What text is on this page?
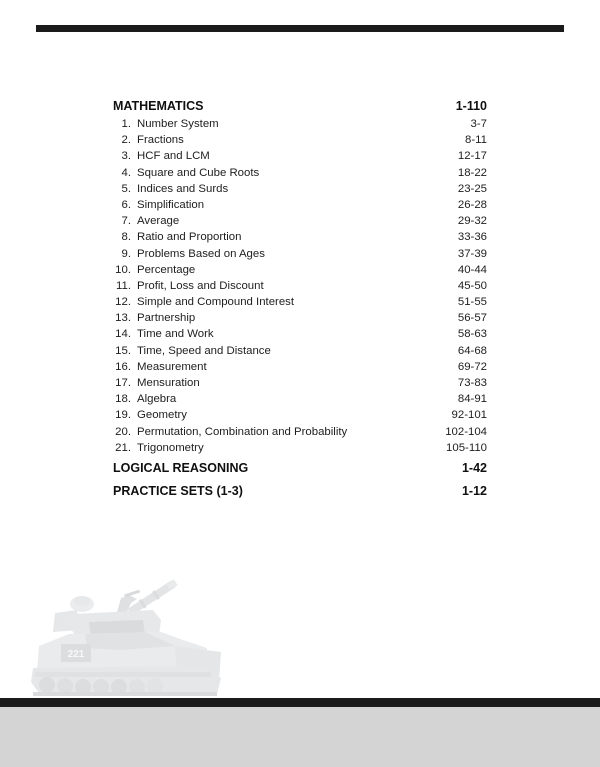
MATHEMATICS	1-110
1. Number System	3-7
2. Fractions	8-11
3. HCF and LCM	12-17
4. Square and Cube Roots	18-22
5. Indices and Surds	23-25
6. Simplification	26-28
7. Average	29-32
8. Ratio and Proportion	33-36
9. Problems Based on Ages	37-39
10. Percentage	40-44
11. Profit, Loss and Discount	45-50
12. Simple and Compound Interest	51-55
13. Partnership	56-57
14. Time and Work	58-63
15. Time, Speed and Distance	64-68
16. Measurement	69-72
17. Mensuration	73-83
18. Algebra	84-91
19. Geometry	92-101
20. Permutation, Combination and Probability	102-104
21. Trigonometry	105-110
LOGICAL REASONING	1-42
PRACTICE SETS (1-3)	1-12
221
